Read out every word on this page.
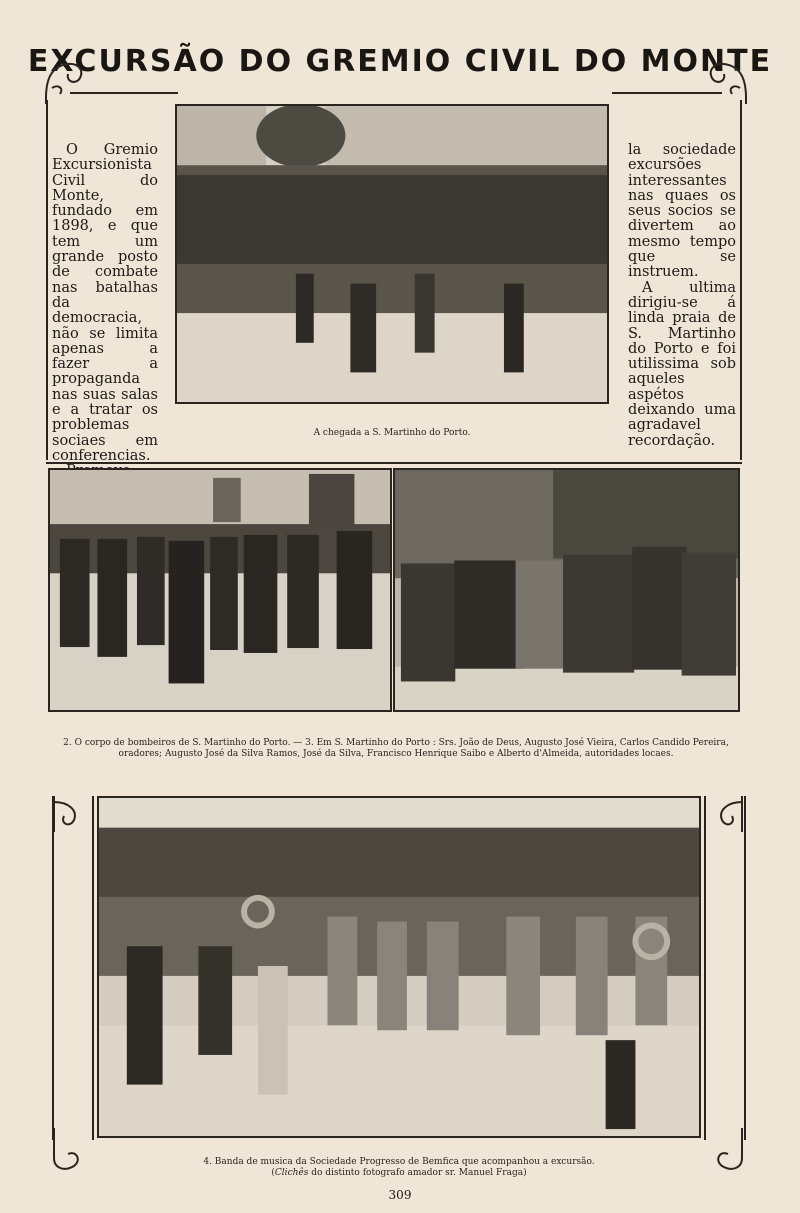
EXCURSÃO DO GREMIO CIVIL DO MONTE

O Gremio Excursionista Civil do Monte, fundado em 1898, e que tem um grande posto de combate nas batalhas da democracia, não se limita apenas a fazer a propaganda nas suas salas e a tratar os problemas sociaes em conferencias.

la sociedade excursões interessantes nas quaes os seus socios se divertem ao mesmo tempo que se instruem.

A ultima dirigiu-se á linda praia de S. Martinho do Porto e foi utilissima sob aqueles aspétos deixando uma agradavel recordação.

A chegada a S. Martinho do Porto.
2. O corpo de bombeiros de S. Martinho do Porto. — 3. Em S. Martinho do Porto : Srs. João de Deus, Augusto José Vieira, Carlos Candido Pereira, oradores; Augusto José da Silva Ramos, José da Silva, Francisco Henrique Saibo e Alberto d'Almeida, autoridades locaes.
4. Banda de musica da Sociedade Progresso de Bemfica que acompanhou a excursão.
(Clichês do distinto fotografo amador sr. Manuel Fraga)
309
